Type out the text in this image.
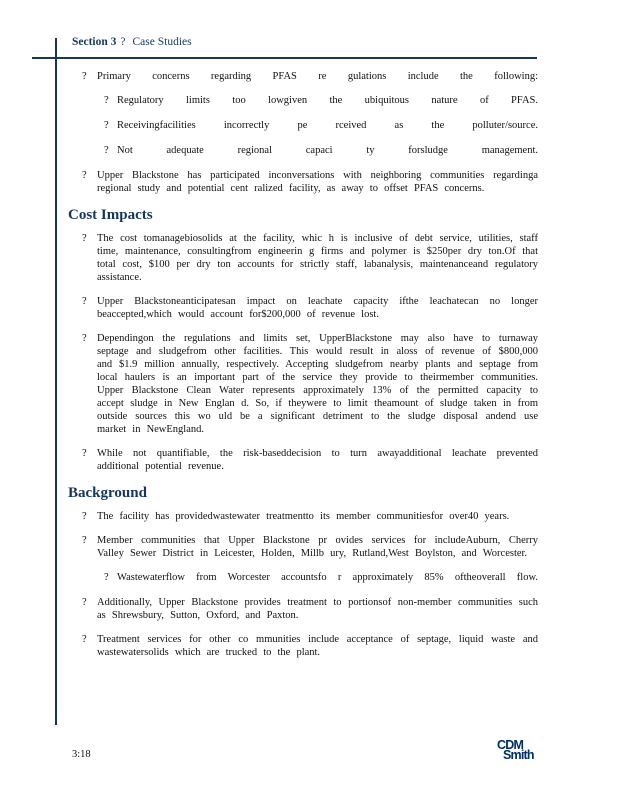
Section 3 ? Case Studies
? Primary concerns regarding PFAS re gulations include the following:
? Regulatory limits too lowgiven the ubiquitous nature of PFAS.
? Receivingfacilities incorrectly pe rceived as the polluter/source.
? Not adequate regional capaci ty forsludge management.
? Upper Blackstone has participated inconversations with neighboring communities regardinga regional study and potential cent ralized facility, as away to offset PFAS concerns.
Cost Impacts
? The cost tomanagebiosolids at the facility, whic h is inclusive of debt service, utilities, staff time, maintenance, consultingfrom engineerin g firms and polymer is $250per dry ton.Of that total cost, $100 per dry ton accounts for strictly staff, labanalysis, maintenanceand regulatory assistance.
? Upper Blackstoneanticipatesan impact on leachate capacity ifthe leachatecan no longer beaccepted,which would account for$200,000 of revenue lost.
? Dependingon the regulations and limits set, UpperBlackstone may also have to turnaway septage and sludgefrom other facilities. This would result in aloss of revenue of $800,000 and $1.9 million annually, respectively. Accepting sludgefrom nearby plants and septage from local haulers is an important part of the service they provide to theirmember communities. Upper Blackstone Clean Water represents approximately 13% of the permitted capacity to accept sludge in New Englan d. So, if theywere to limit theamount of sludge taken in from outside sources this wo uld be a significant detriment to the sludge disposal andend use market in NewEngland.
? While not quantifiable, the risk-baseddecision to turn awayadditional leachate prevented additional potential revenue.
Background
? The facility has providedwastewater treatmentto its member communitiesfor over40 years.
? Member communities that Upper Blackstone pr ovides services for includeAuburn, Cherry Valley Sewer District in Leicester, Holden, Millb ury, Rutland,West Boylston, and Worcester.
? Wastewaterflow from Worcester accountsfo r approximately 85% oftheoverall flow.
? Additionally, Upper Blackstone provides treatment to portionsof non-member communities such as Shrewsbury, Sutton, Oxford, and Paxton.
? Treatment services for other co mmunities include acceptance of septage, liquid waste and wastewatersolids which are trucked to the plant.
3:18
CDM
Smith
